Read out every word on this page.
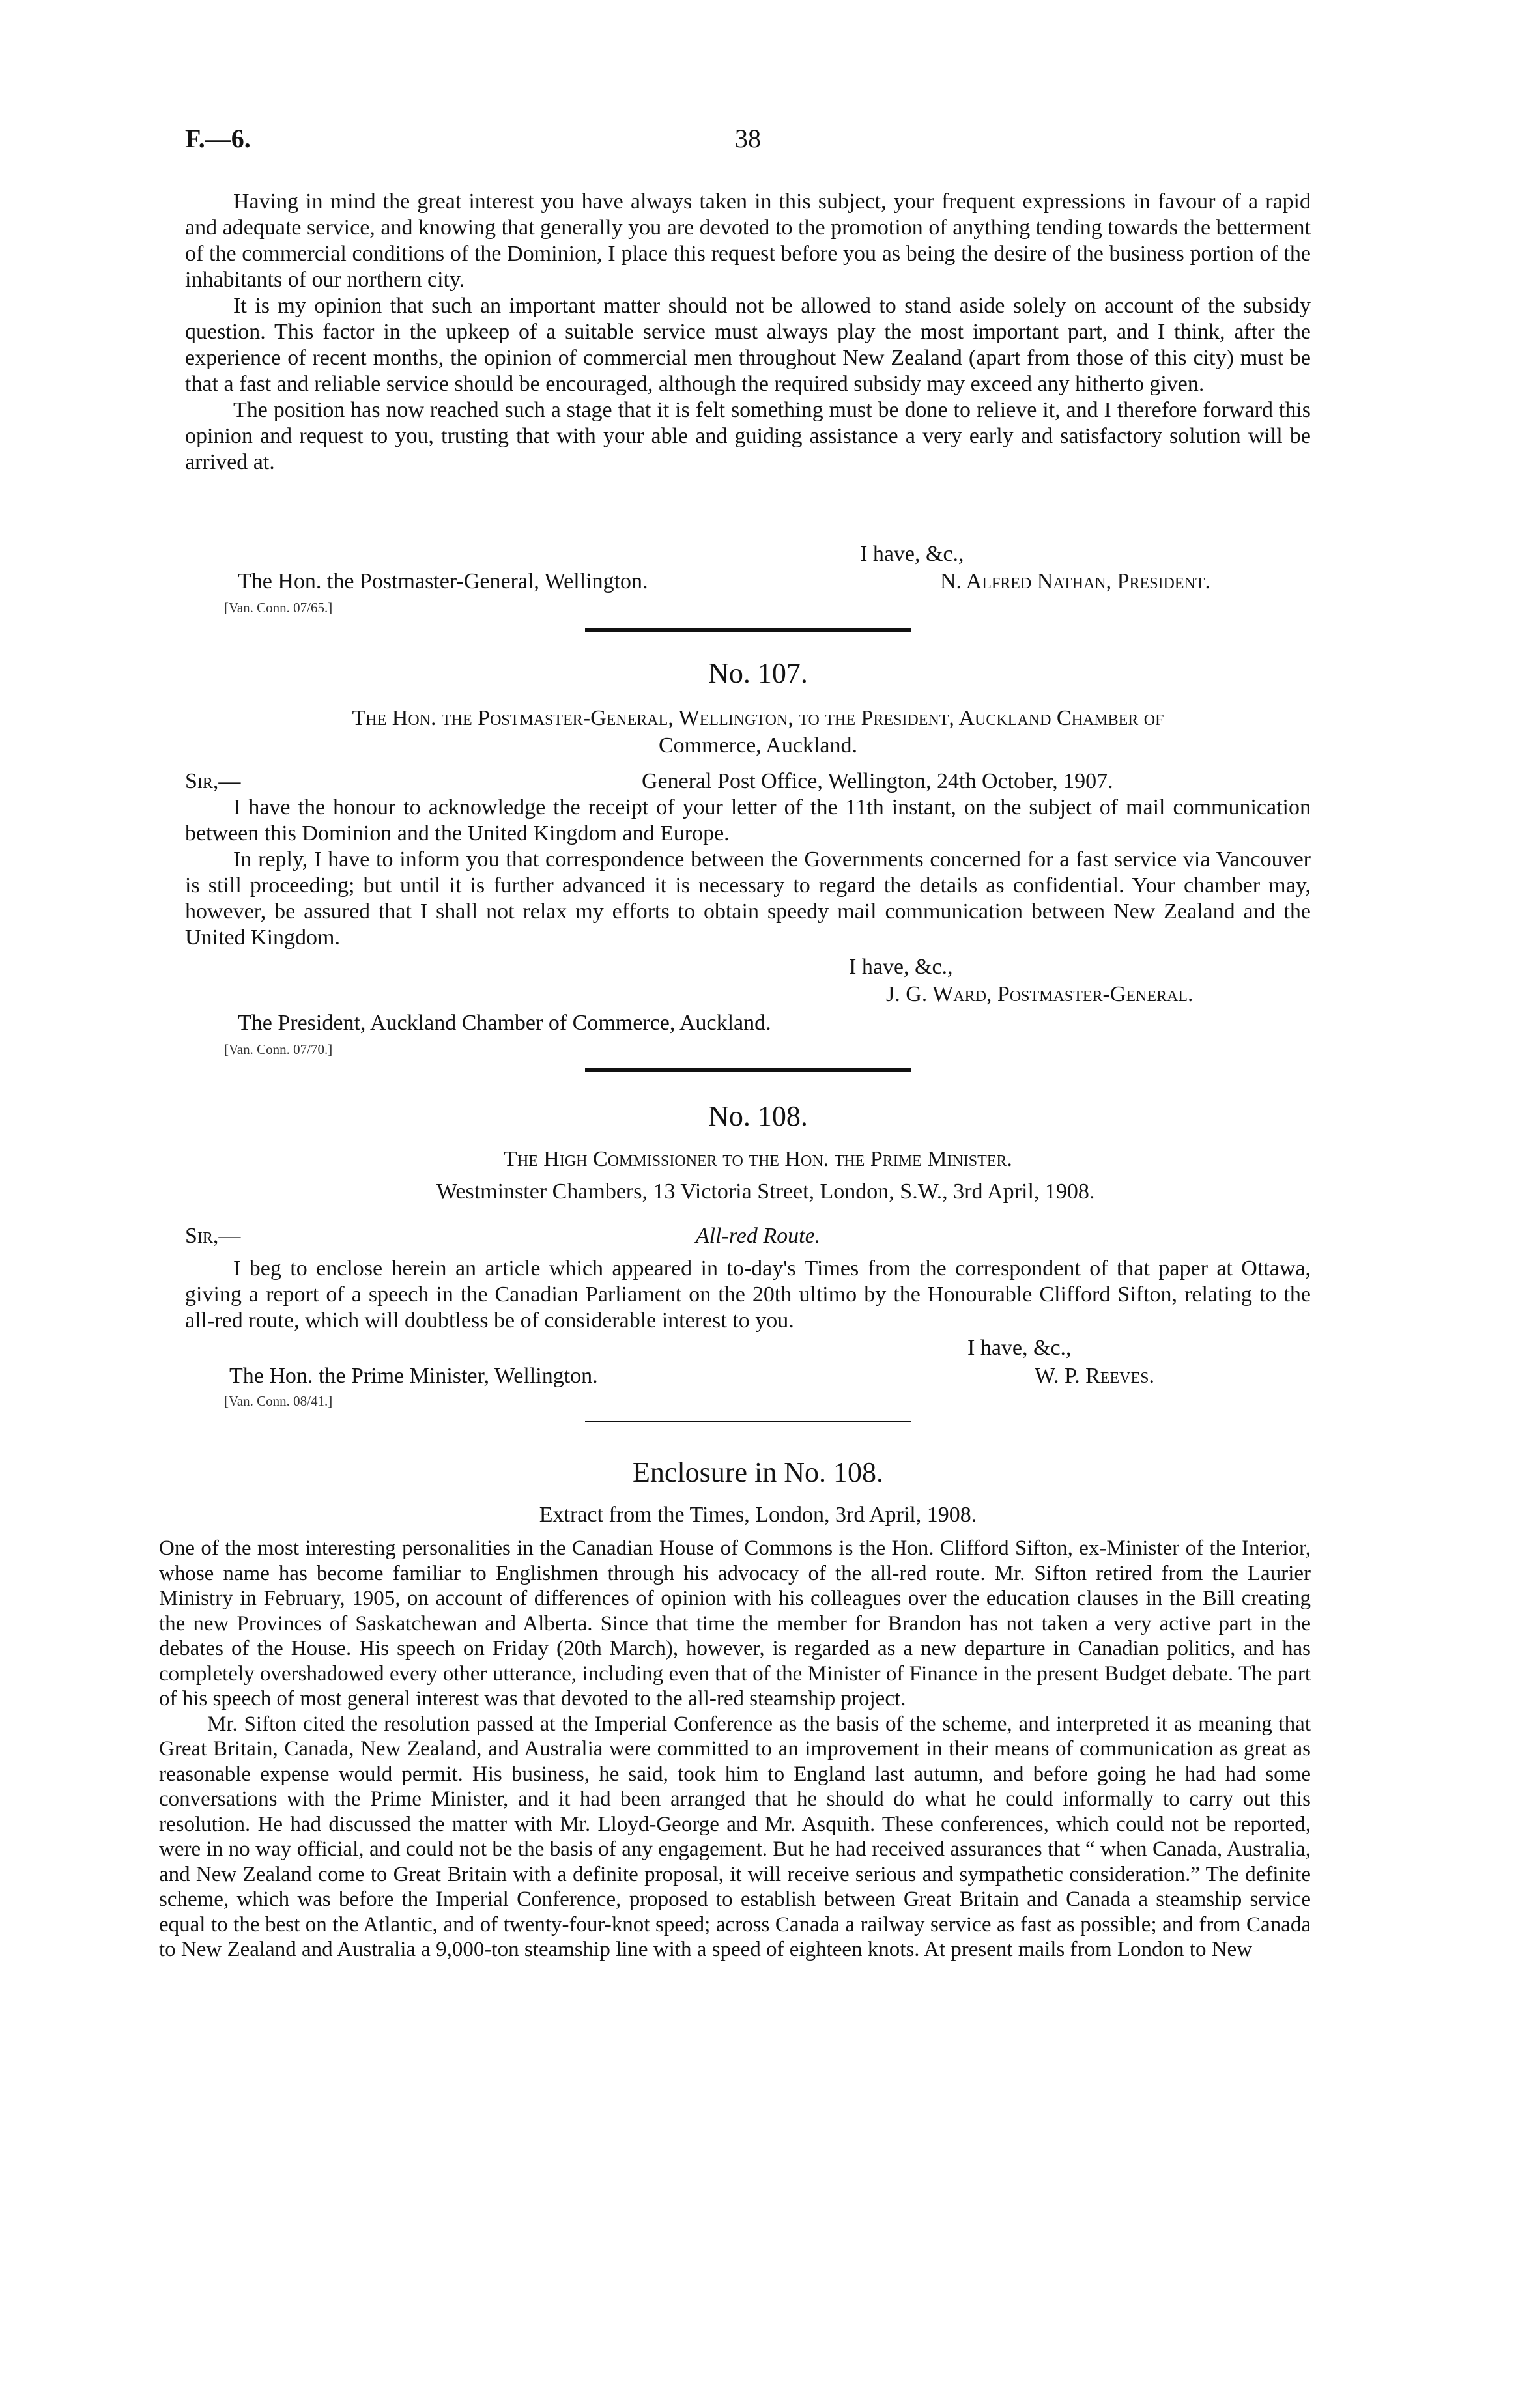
F.—6.	38

Having in mind the great interest you have always taken in this subject, your frequent expressions in favour of a rapid and adequate service, and knowing that generally you are devoted to the promotion of anything tending towards the betterment of the commercial conditions of the Dominion, I place this request before you as being the desire of the business portion of the inhabitants of our northern city.

It is my opinion that such an important matter should not be allowed to stand aside solely on account of the subsidy question. This factor in the upkeep of a suitable service must always play the most important part, and I think, after the experience of recent months, the opinion of commercial men throughout New Zealand (apart from those of this city) must be that a fast and reliable service should be encouraged, although the required subsidy may exceed any hitherto given.

The position has now reached such a stage that it is felt something must be done to relieve it, and I therefore forward this opinion and request to you, trusting that with your able and guiding assistance a very early and satisfactory solution will be arrived at.

I have, &c.,
The Hon. the Postmaster-General, Wellington.	N. Alfred Nathan, President.
[Van. Conn. 07/65.]
No. 107.
The Hon. the Postmaster-General, Wellington, to the President, Auckland Chamber of
Commerce, Auckland.
Sir,—	General Post Office, Wellington, 24th October, 1907.

I have the honour to acknowledge the receipt of your letter of the 11th instant, on the subject of mail communication between this Dominion and the United Kingdom and Europe.

In reply, I have to inform you that correspondence between the Governments concerned for a fast service via Vancouver is still proceeding; but until it is further advanced it is necessary to regard the details as confidential. Your chamber may, however, be assured that I shall not relax my efforts to obtain speedy mail communication between New Zealand and the United Kingdom.

I have, &c.,
J. G. Ward, Postmaster-General.
The President, Auckland Chamber of Commerce, Auckland.
[Van. Conn. 07/70.]
No. 108.
The High Commissioner to the Hon. the Prime Minister.
Westminster Chambers, 13 Victoria Street, London, S.W., 3rd April, 1908.
Sir,—	All-red Route.

I beg to enclose herein an article which appeared in to-day's Times from the correspondent of that paper at Ottawa, giving a report of a speech in the Canadian Parliament on the 20th ultimo by the Honourable Clifford Sifton, relating to the all-red route, which will doubtless be of considerable interest to you.

I have, &c.,
The Hon. the Prime Minister, Wellington.	W. P. Reeves.
[Van. Conn. 08/41.]
Enclosure in No. 108.
Extract from the Times, London, 3rd April, 1908.

One of the most interesting personalities in the Canadian House of Commons is the Hon. Clifford Sifton, ex-Minister of the Interior, whose name has become familiar to Englishmen through his advocacy of the all-red route. Mr. Sifton retired from the Laurier Ministry in February, 1905, on account of differences of opinion with his colleagues over the education clauses in the Bill creating the new Provinces of Saskatchewan and Alberta. Since that time the member for Brandon has not taken a very active part in the debates of the House. His speech on Friday (20th March), however, is regarded as a new departure in Canadian politics, and has completely overshadowed every other utterance, including even that of the Minister of Finance in the present Budget debate. The part of his speech of most general interest was that devoted to the all-red steamship project.

Mr. Sifton cited the resolution passed at the Imperial Conference as the basis of the scheme, and interpreted it as meaning that Great Britain, Canada, New Zealand, and Australia were committed to an improvement in their means of communication as great as reasonable expense would permit. His business, he said, took him to England last autumn, and before going he had had some conversations with the Prime Minister, and it had been arranged that he should do what he could informally to carry out this resolution. He had discussed the matter with Mr. Lloyd-George and Mr. Asquith. These conferences, which could not be reported, were in no way official, and could not be the basis of any engagement. But he had received assurances that “ when Canada, Australia, and New Zealand come to Great Britain with a definite proposal, it will receive serious and sympathetic consideration.” The definite scheme, which was before the Imperial Conference, proposed to establish between Great Britain and Canada a steamship service equal to the best on the Atlantic, and of twenty-four-knot speed; across Canada a railway service as fast as possible; and from Canada to New Zealand and Australia a 9,000-ton steamship line with a speed of eighteen knots. At present mails from London to New
